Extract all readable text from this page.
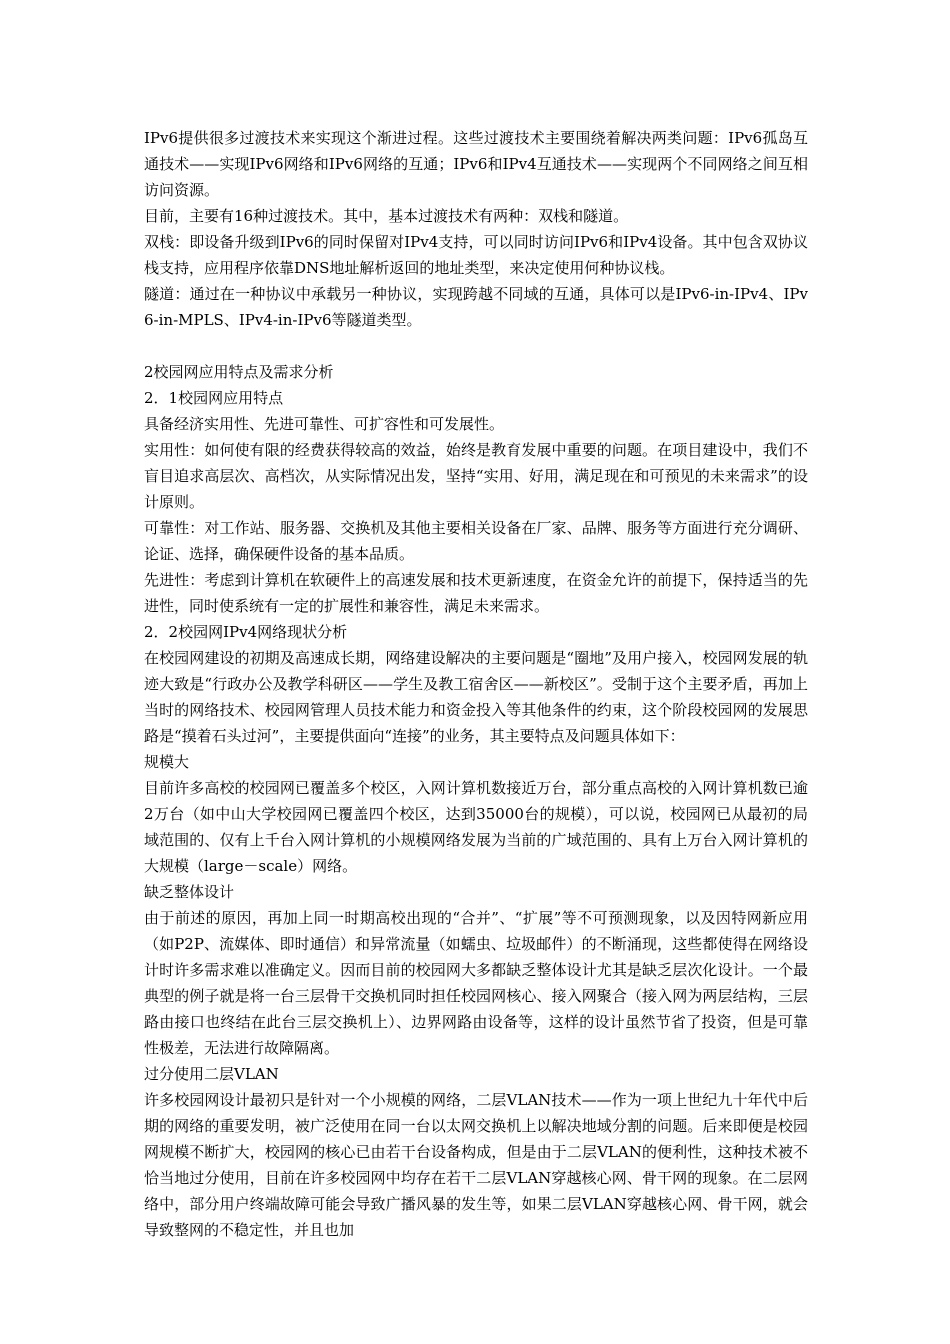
IPv6提供很多过渡技术来实现这个渐进过程。这些过渡技术主要围绕着解决两类问题：IPv6孤岛互通技术——实现IPv6网络和IPv6网络的互通；IPv6和IPv4互通技术——实现两个不同网络之间互相访问资源。

目前，主要有16种过渡技术。其中，基本过渡技术有两种：双栈和隧道。

双栈：即设备升级到IPv6的同时保留对IPv4支持，可以同时访问IPv6和IPv4设备。其中包含双协议栈支持，应用程序依靠DNS地址解析返回的地址类型，来决定使用何种协议栈。

隧道：通过在一种协议中承载另一种协议，实现跨越不同域的互通，具体可以是IPv6-in-IPv4、IPv6-in-MPLS、IPv4-in-IPv6等隧道类型。

2校园网应用特点及需求分析

2．1校园网应用特点

具备经济实用性、先进可靠性、可扩容性和可发展性。

实用性：如何使有限的经费获得较高的效益，始终是教育发展中重要的问题。在项目建设中，我们不盲目追求高层次、高档次，从实际情况出发，坚持“实用、好用，满足现在和可预见的未来需求”的设计原则。

可靠性：对工作站、服务器、交换机及其他主要相关设备在厂家、品牌、服务等方面进行充分调研、论证、选择，确保硬件设备的基本品质。

先进性：考虑到计算机在软硬件上的高速发展和技术更新速度，在资金允许的前提下，保持适当的先进性，同时使系统有一定的扩展性和兼容性，满足未来需求。

2．2校园网IPv4网络现状分析

在校园网建设的初期及高速成长期，网络建设解决的主要问题是“圈地”及用户接入，校园网发展的轨迹大致是“行政办公及教学科研区——学生及教工宿舍区——新校区”。受制于这个主要矛盾，再加上当时的网络技术、校园网管理人员技术能力和资金投入等其他条件的约束，这个阶段校园网的发展思路是“摸着石头过河”，主要提供面向“连接”的业务，其主要特点及问题具体如下：

规模大

目前许多高校的校园网已覆盖多个校区，入网计算机数接近万台，部分重点高校的入网计算机数已逾2万台（如中山大学校园网已覆盖四个校区，达到35000台的规模），可以说，校园网已从最初的局域范围的、仅有上千台入网计算机的小规模网络发展为当前的广域范围的、具有上万台入网计算机的大规模（large－scale）网络。

缺乏整体设计

由于前述的原因，再加上同一时期高校出现的“合并”、“扩展”等不可预测现象，以及因特网新应用（如P2P、流媒体、即时通信）和异常流量（如蠕虫、垃圾邮件）的不断涌现，这些都使得在网络设计时许多需求难以准确定义。因而目前的校园网大多都缺乏整体设计尤其是缺乏层次化设计。一个最典型的例子就是将一台三层骨干交换机同时担任校园网核心、接入网聚合（接入网为两层结构，三层路由接口也终结在此台三层交换机上）、边界网路由设备等，这样的设计虽然节省了投资，但是可靠性极差，无法进行故障隔离。

过分使用二层VLAN

许多校园网设计最初只是针对一个小规模的网络，二层VLAN技术——作为一项上世纪九十年代中后期的网络的重要发明，被广泛使用在同一台以太网交换机上以解决地域分割的问题。后来即便是校园网规模不断扩大，校园网的核心已由若干台设备构成，但是由于二层VLAN的便利性，这种技术被不恰当地过分使用，目前在许多校园网中均存在若干二层VLAN穿越核心网、骨干网的现象。在二层网络中，部分用户终端故障可能会导致广播风暴的发生等，如果二层VLAN穿越核心网、骨干网，就会导致整网的不稳定性，并且也加
